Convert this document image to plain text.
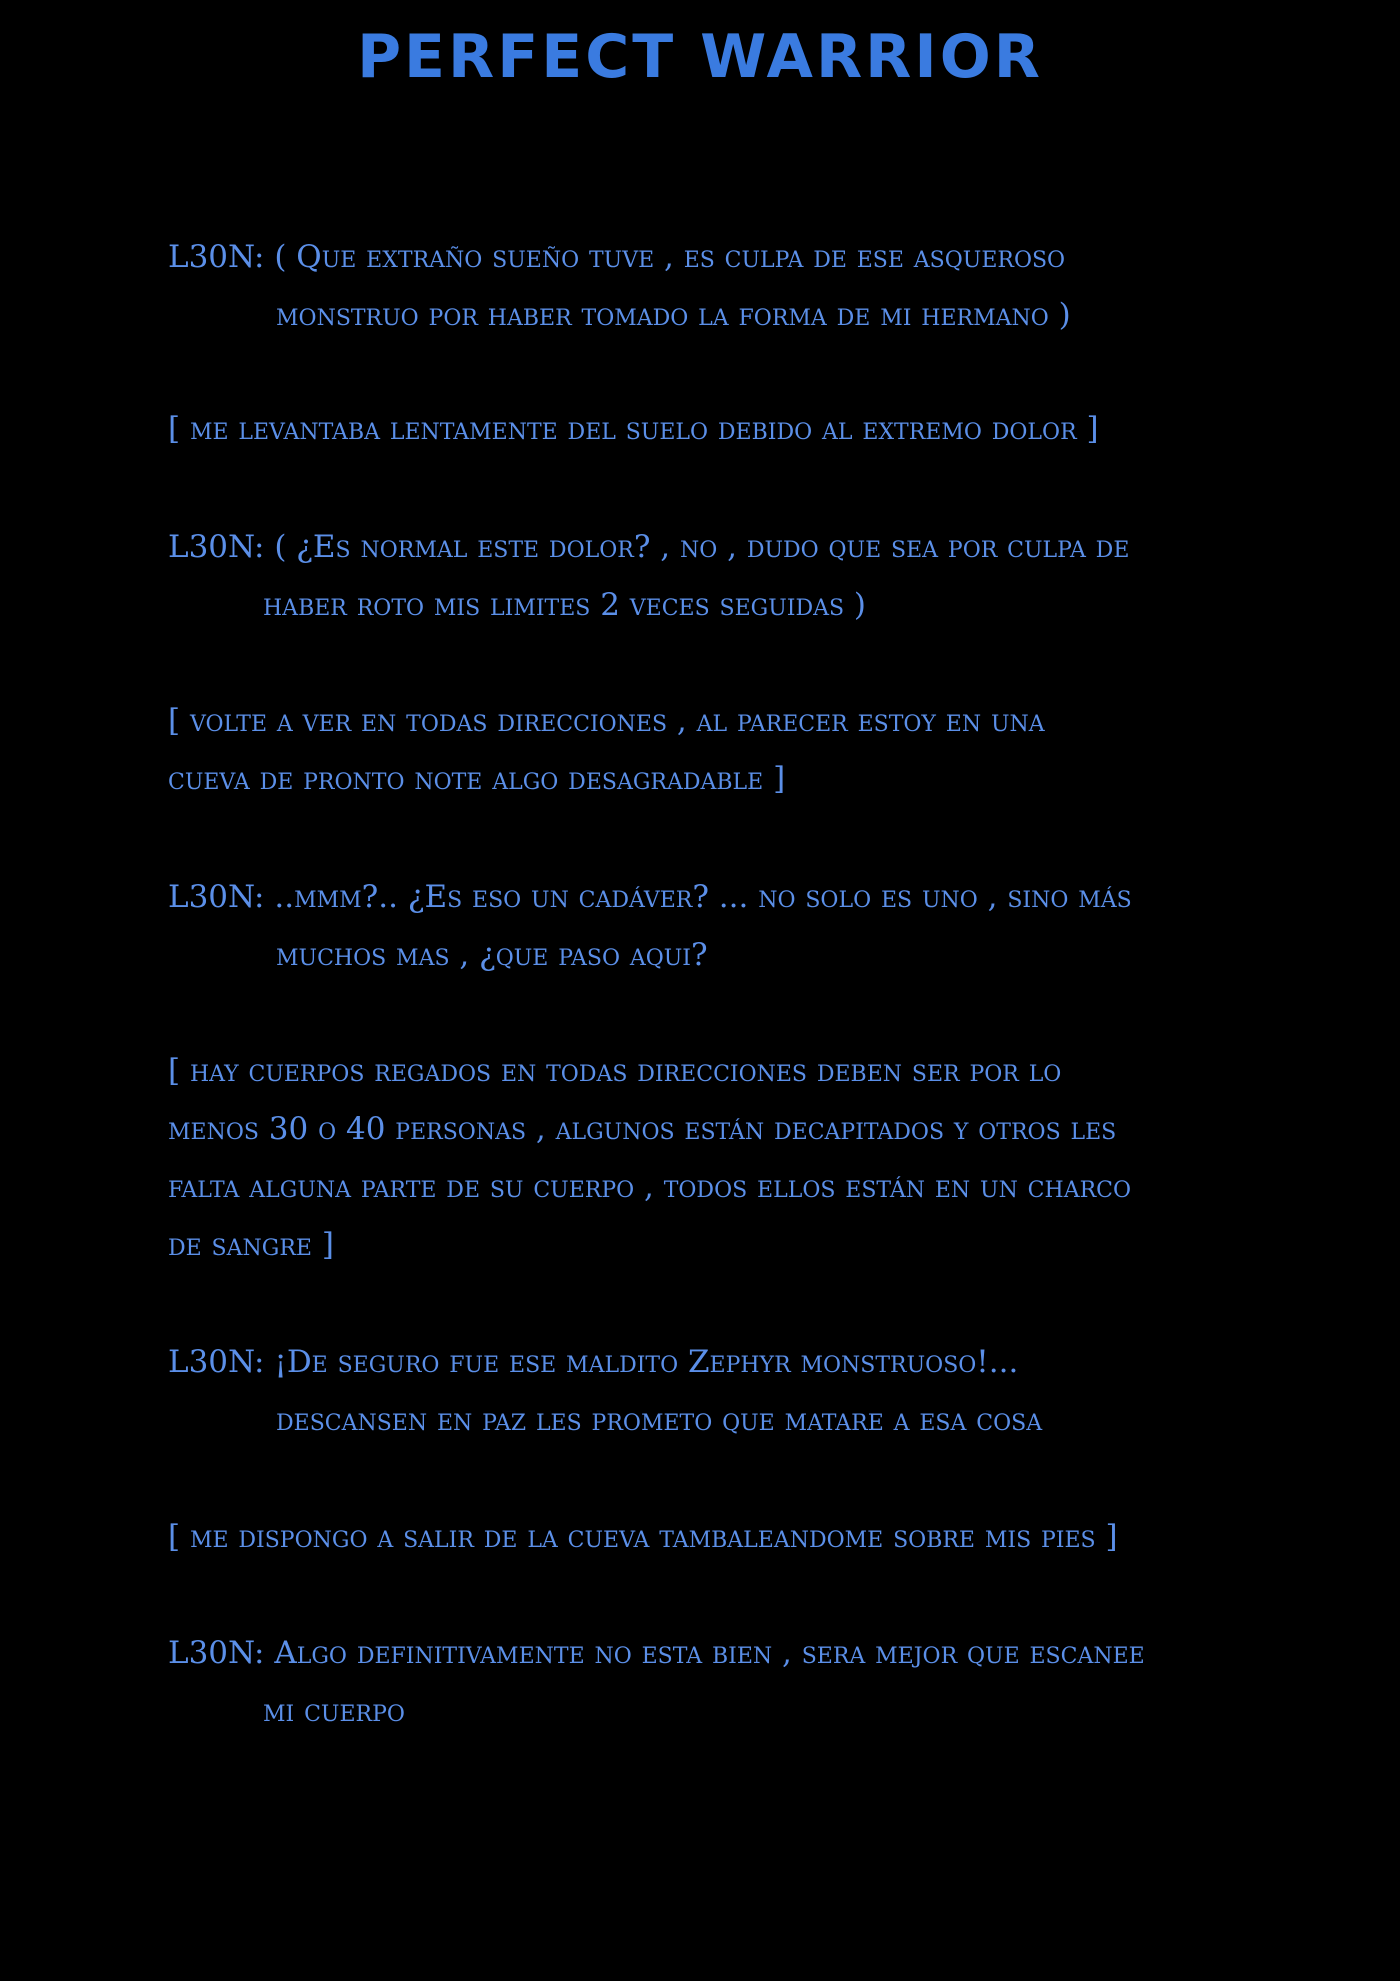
PERFECT WARRIOR
L30N: ( Que extraño sueño tuve , es culpa de ese asqueroso
monstruo por haber tomado la forma de mi hermano )
[ me levantaba lentamente del suelo debido al extremo dolor ]
L30N: ( ¿Es normal este dolor? , no , dudo que sea por culpa de
haber roto mis limites 2 veces seguidas )
[ volte a ver en todas direcciones , al parecer estoy en una
cueva de pronto note algo desagradable ]
L30N: ..mmm?.. ¿Es eso un cadáver? ... no solo es uno , sino más
muchos mas , ¿que paso aqui?
[ hay cuerpos regados en todas direcciones deben ser por lo
menos 30 o 40 personas , algunos están decapitados y otros les
falta alguna parte de su cuerpo , todos ellos están en un charco
de sangre ]
L30N: ¡De seguro fue ese maldito Zephyr monstruoso!...
descansen en paz les prometo que matare a esa cosa
[ me dispongo a salir de la cueva tambaleandome sobre mis pies ]
L30N: Algo definitivamente no esta bien , sera mejor que escanee
mi cuerpo
